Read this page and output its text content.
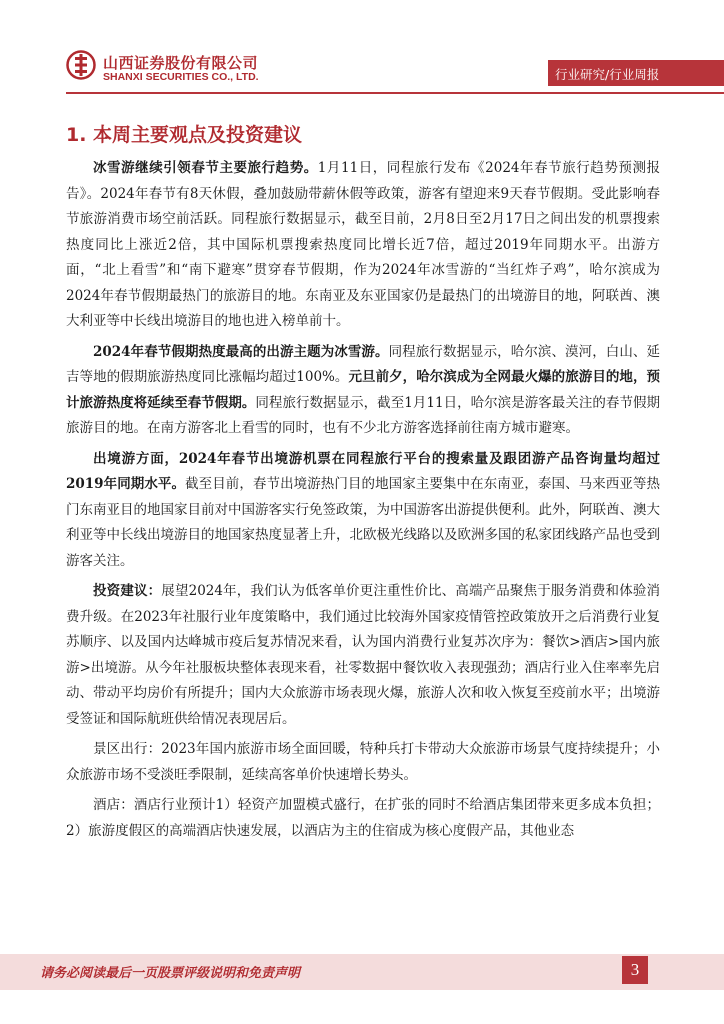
山西证券股份有限公司
SHANXI SECURITIES CO., LTD.	行业研究/行业周报
1. 本周主要观点及投资建议

冰雪游继续引领春节主要旅行趋势。1月11日，同程旅行发布《2024年春节旅行趋势预测报告》。2024年春节有8天休假，叠加鼓励带薪休假等政策，游客有望迎来9天春节假期。受此影响春节旅游消费市场空前活跃。同程旅行数据显示，截至目前，2月8日至2月17日之间出发的机票搜索热度同比上涨近2倍，其中国际机票搜索热度同比增长近7倍，超过2019年同期水平。出游方面，“北上看雪”和“南下避寒”贯穿春节假期，作为2024年冰雪游的“当红炸子鸡”，哈尔滨成为2024年春节假期最热门的旅游目的地。东南亚及东亚国家仍是最热门的出境游目的地，阿联酋、澳大利亚等中长线出境游目的地也进入榜单前十。

2024年春节假期热度最高的出游主题为冰雪游。同程旅行数据显示，哈尔滨、漠河，白山、延吉等地的假期旅游热度同比涨幅均超过100%。元旦前夕，哈尔滨成为全网最火爆的旅游目的地，预计旅游热度将延续至春节假期。同程旅行数据显示，截至1月11日，哈尔滨是游客最关注的春节假期旅游目的地。在南方游客北上看雪的同时，也有不少北方游客选择前往南方城市避寒。

出境游方面，2024年春节出境游机票在同程旅行平台的搜索量及跟团游产品咨询量均超过2019年同期水平。截至目前，春节出境游热门目的地国家主要集中在东南亚，泰国、马来西亚等热门东南亚目的地国家目前对中国游客实行免签政策，为中国游客出游提供便利。此外，阿联酋、澳大利亚等中长线出境游目的地国家热度显著上升，北欧极光线路以及欧洲多国的私家团线路产品也受到游客关注。

投资建议：展望2024年，我们认为低客单价更注重性价比、高端产品聚焦于服务消费和体验消费升级。在2023年社服行业年度策略中，我们通过比较海外国家疫情管控政策放开之后消费行业复苏顺序、以及国内达峰城市疫后复苏情况来看，认为国内消费行业复苏次序为：餐饮>酒店>国内旅游>出境游。从今年社服板块整体表现来看，社零数据中餐饮收入表现强劲；酒店行业入住率率先启动、带动平均房价有所提升；国内大众旅游市场表现火爆，旅游人次和收入恢复至疫前水平；出境游受签证和国际航班供给情况表现居后。

景区出行：2023年国内旅游市场全面回暖，特种兵打卡带动大众旅游市场景气度持续提升；小众旅游市场不受淡旺季限制，延续高客单价快速增长势头。

酒店：酒店行业预计1）轻资产加盟模式盛行，在扩张的同时不给酒店集团带来更多成本负担；2）旅游度假区的高端酒店快速发展，以酒店为主的住宿成为核心度假产品，其他业态

请务必阅读最后一页股票评级说明和免责声明	3
